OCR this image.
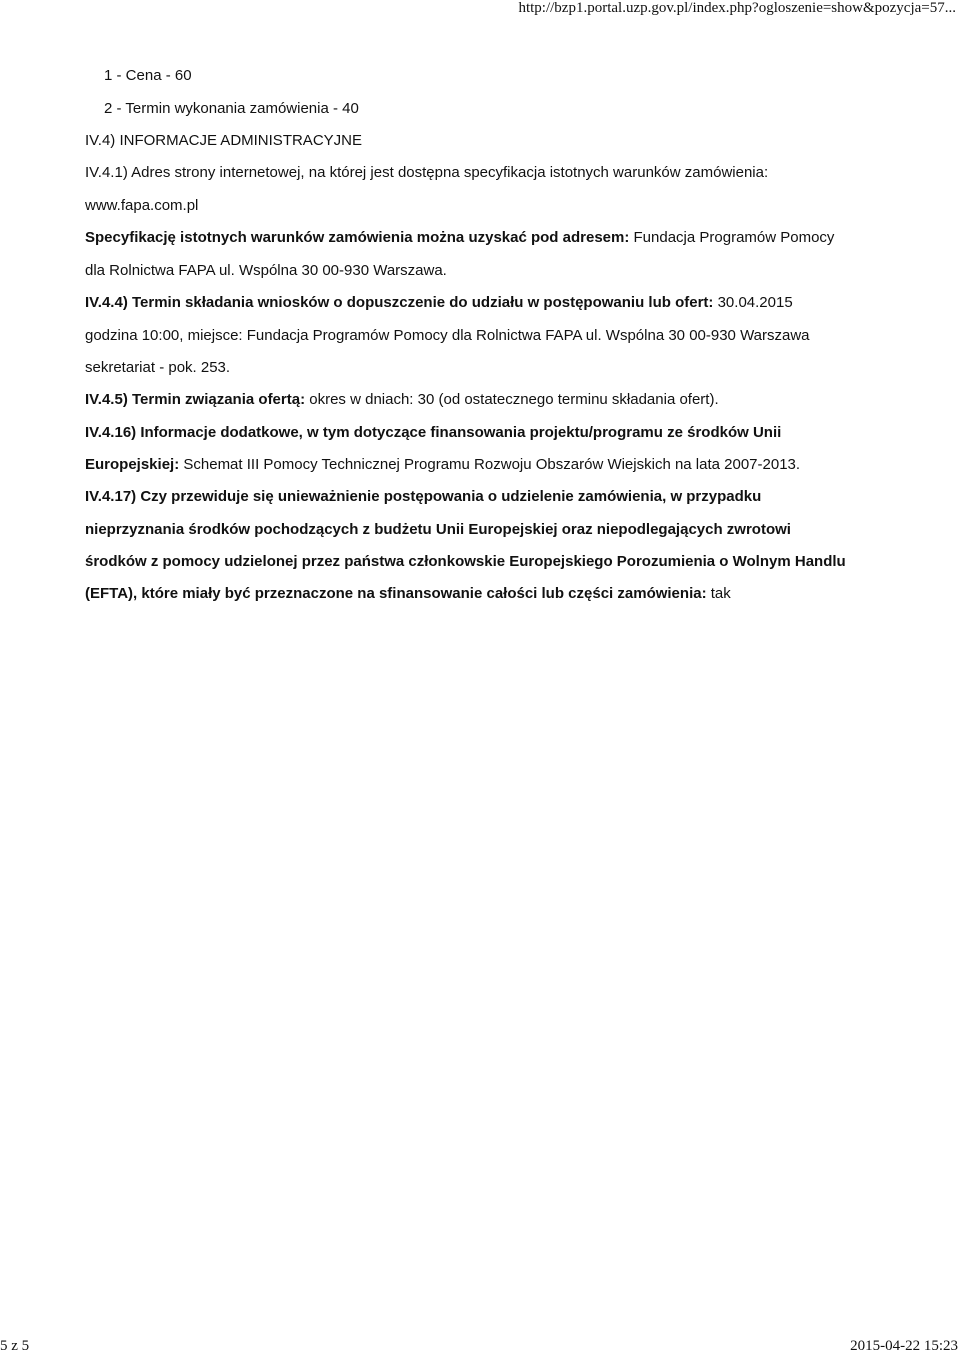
http://bzp1.portal.uzp.gov.pl/index.php?ogloszenie=show&pozycja=57...
1 - Cena - 60
2 - Termin wykonania zamówienia - 40
IV.4) INFORMACJE ADMINISTRACYJNE
IV.4.1) Adres strony internetowej, na której jest dostępna specyfikacja istotnych warunków zamówienia:
www.fapa.com.pl
Specyfikację istotnych warunków zamówienia można uzyskać pod adresem: Fundacja Programów Pomocy
dla Rolnictwa FAPA ul. Wspólna 30 00-930 Warszawa.
IV.4.4) Termin składania wniosków o dopuszczenie do udziału w postępowaniu lub ofert: 30.04.2015
godzina 10:00, miejsce: Fundacja Programów Pomocy dla Rolnictwa FAPA ul. Wspólna 30 00-930 Warszawa
sekretariat - pok. 253.
IV.4.5) Termin związania ofertą: okres w dniach: 30 (od ostatecznego terminu składania ofert).
IV.4.16) Informacje dodatkowe, w tym dotyczące finansowania projektu/programu ze środków Unii
Europejskiej: Schemat III Pomocy Technicznej Programu Rozwoju Obszarów Wiejskich na lata 2007-2013.
IV.4.17) Czy przewiduje się unieważnienie postępowania o udzielenie zamówienia, w przypadku
nieprzyznania środków pochodzących z budżetu Unii Europejskiej oraz niepodlegających zwrotowi
środków z pomocy udzielonej przez państwa członkowskie Europejskiego Porozumienia o Wolnym Handlu
(EFTA), które miały być przeznaczone na sfinansowanie całości lub części zamówienia: tak
5 z 5	2015-04-22 15:23
